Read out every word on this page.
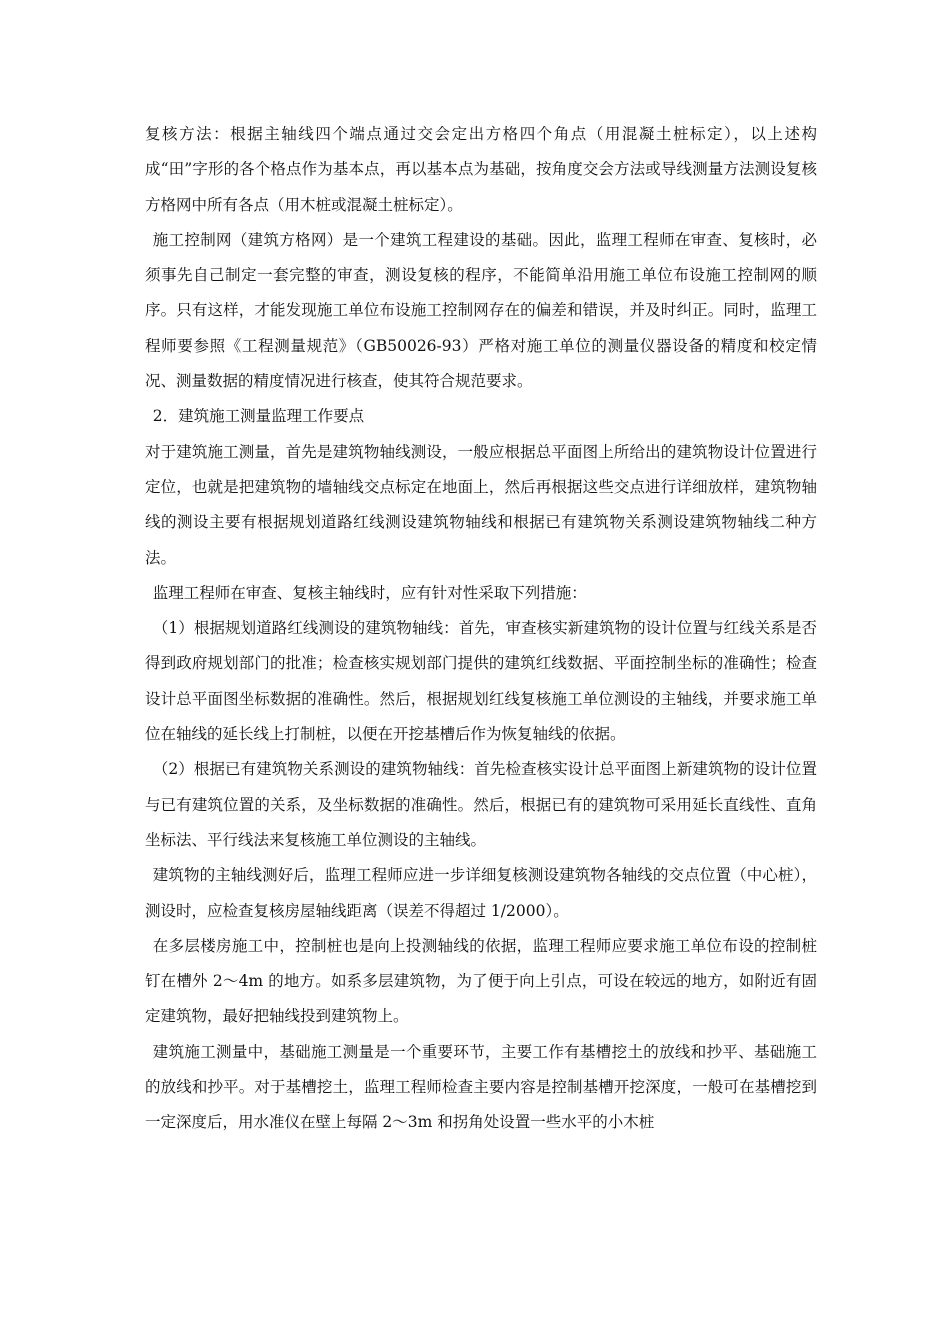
复核方法：根据主轴线四个端点通过交会定出方格四个角点（用混凝土桩标定），以上述构成“田”字形的各个格点作为基本点，再以基本点为基础，按角度交会方法或导线测量方法测设复核方格网中所有各点（用木桩或混凝土桩标定）。

施工控制网（建筑方格网）是一个建筑工程建设的基础。因此，监理工程师在审查、复核时，必须事先自己制定一套完整的审查，测设复核的程序，不能简单沿用施工单位布设施工控制网的顺序。只有这样，才能发现施工单位布设施工控制网存在的偏差和错误，并及时纠正。同时，监理工程师要参照《工程测量规范》（GB50026-93）严格对施工单位的测量仪器设备的精度和校定情况、测量数据的精度情况进行核查，使其符合规范要求。

2．建筑施工测量监理工作要点

对于建筑施工测量，首先是建筑物轴线测设，一般应根据总平面图上所给出的建筑物设计位置进行定位，也就是把建筑物的墙轴线交点标定在地面上，然后再根据这些交点进行详细放样，建筑物轴线的测设主要有根据规划道路红线测设建筑物轴线和根据已有建筑物关系测设建筑物轴线二种方法。

监理工程师在审查、复核主轴线时，应有针对性采取下列措施：

（1）根据规划道路红线测设的建筑物轴线：首先，审查核实新建筑物的设计位置与红线关系是否得到政府规划部门的批准；检查核实规划部门提供的建筑红线数据、平面控制坐标的准确性；检查设计总平面图坐标数据的准确性。然后，根据规划红线复核施工单位测设的主轴线，并要求施工单位在轴线的延长线上打制桩，以便在开挖基槽后作为恢复轴线的依据。

（2）根据已有建筑物关系测设的建筑物轴线：首先检查核实设计总平面图上新建筑物的设计位置与已有建筑位置的关系，及坐标数据的准确性。然后，根据已有的建筑物可采用延长直线性、直角坐标法、平行线法来复核施工单位测设的主轴线。

建筑物的主轴线测好后，监理工程师应进一步详细复核测设建筑物各轴线的交点位置（中心桩），测设时，应检查复核房屋轴线距离（误差不得超过 1/2000）。

在多层楼房施工中，控制桩也是向上投测轴线的依据，监理工程师应要求施工单位布设的控制桩钉在槽外 2～4m 的地方。如系多层建筑物，为了便于向上引点，可设在较远的地方，如附近有固定建筑物，最好把轴线投到建筑物上。

建筑施工测量中，基础施工测量是一个重要环节，主要工作有基槽挖土的放线和抄平、基础施工的放线和抄平。对于基槽挖土，监理工程师检查主要内容是控制基槽开挖深度，一般可在基槽挖到一定深度后，用水准仪在壁上每隔 2～3m 和拐角处设置一些水平的小木桩
